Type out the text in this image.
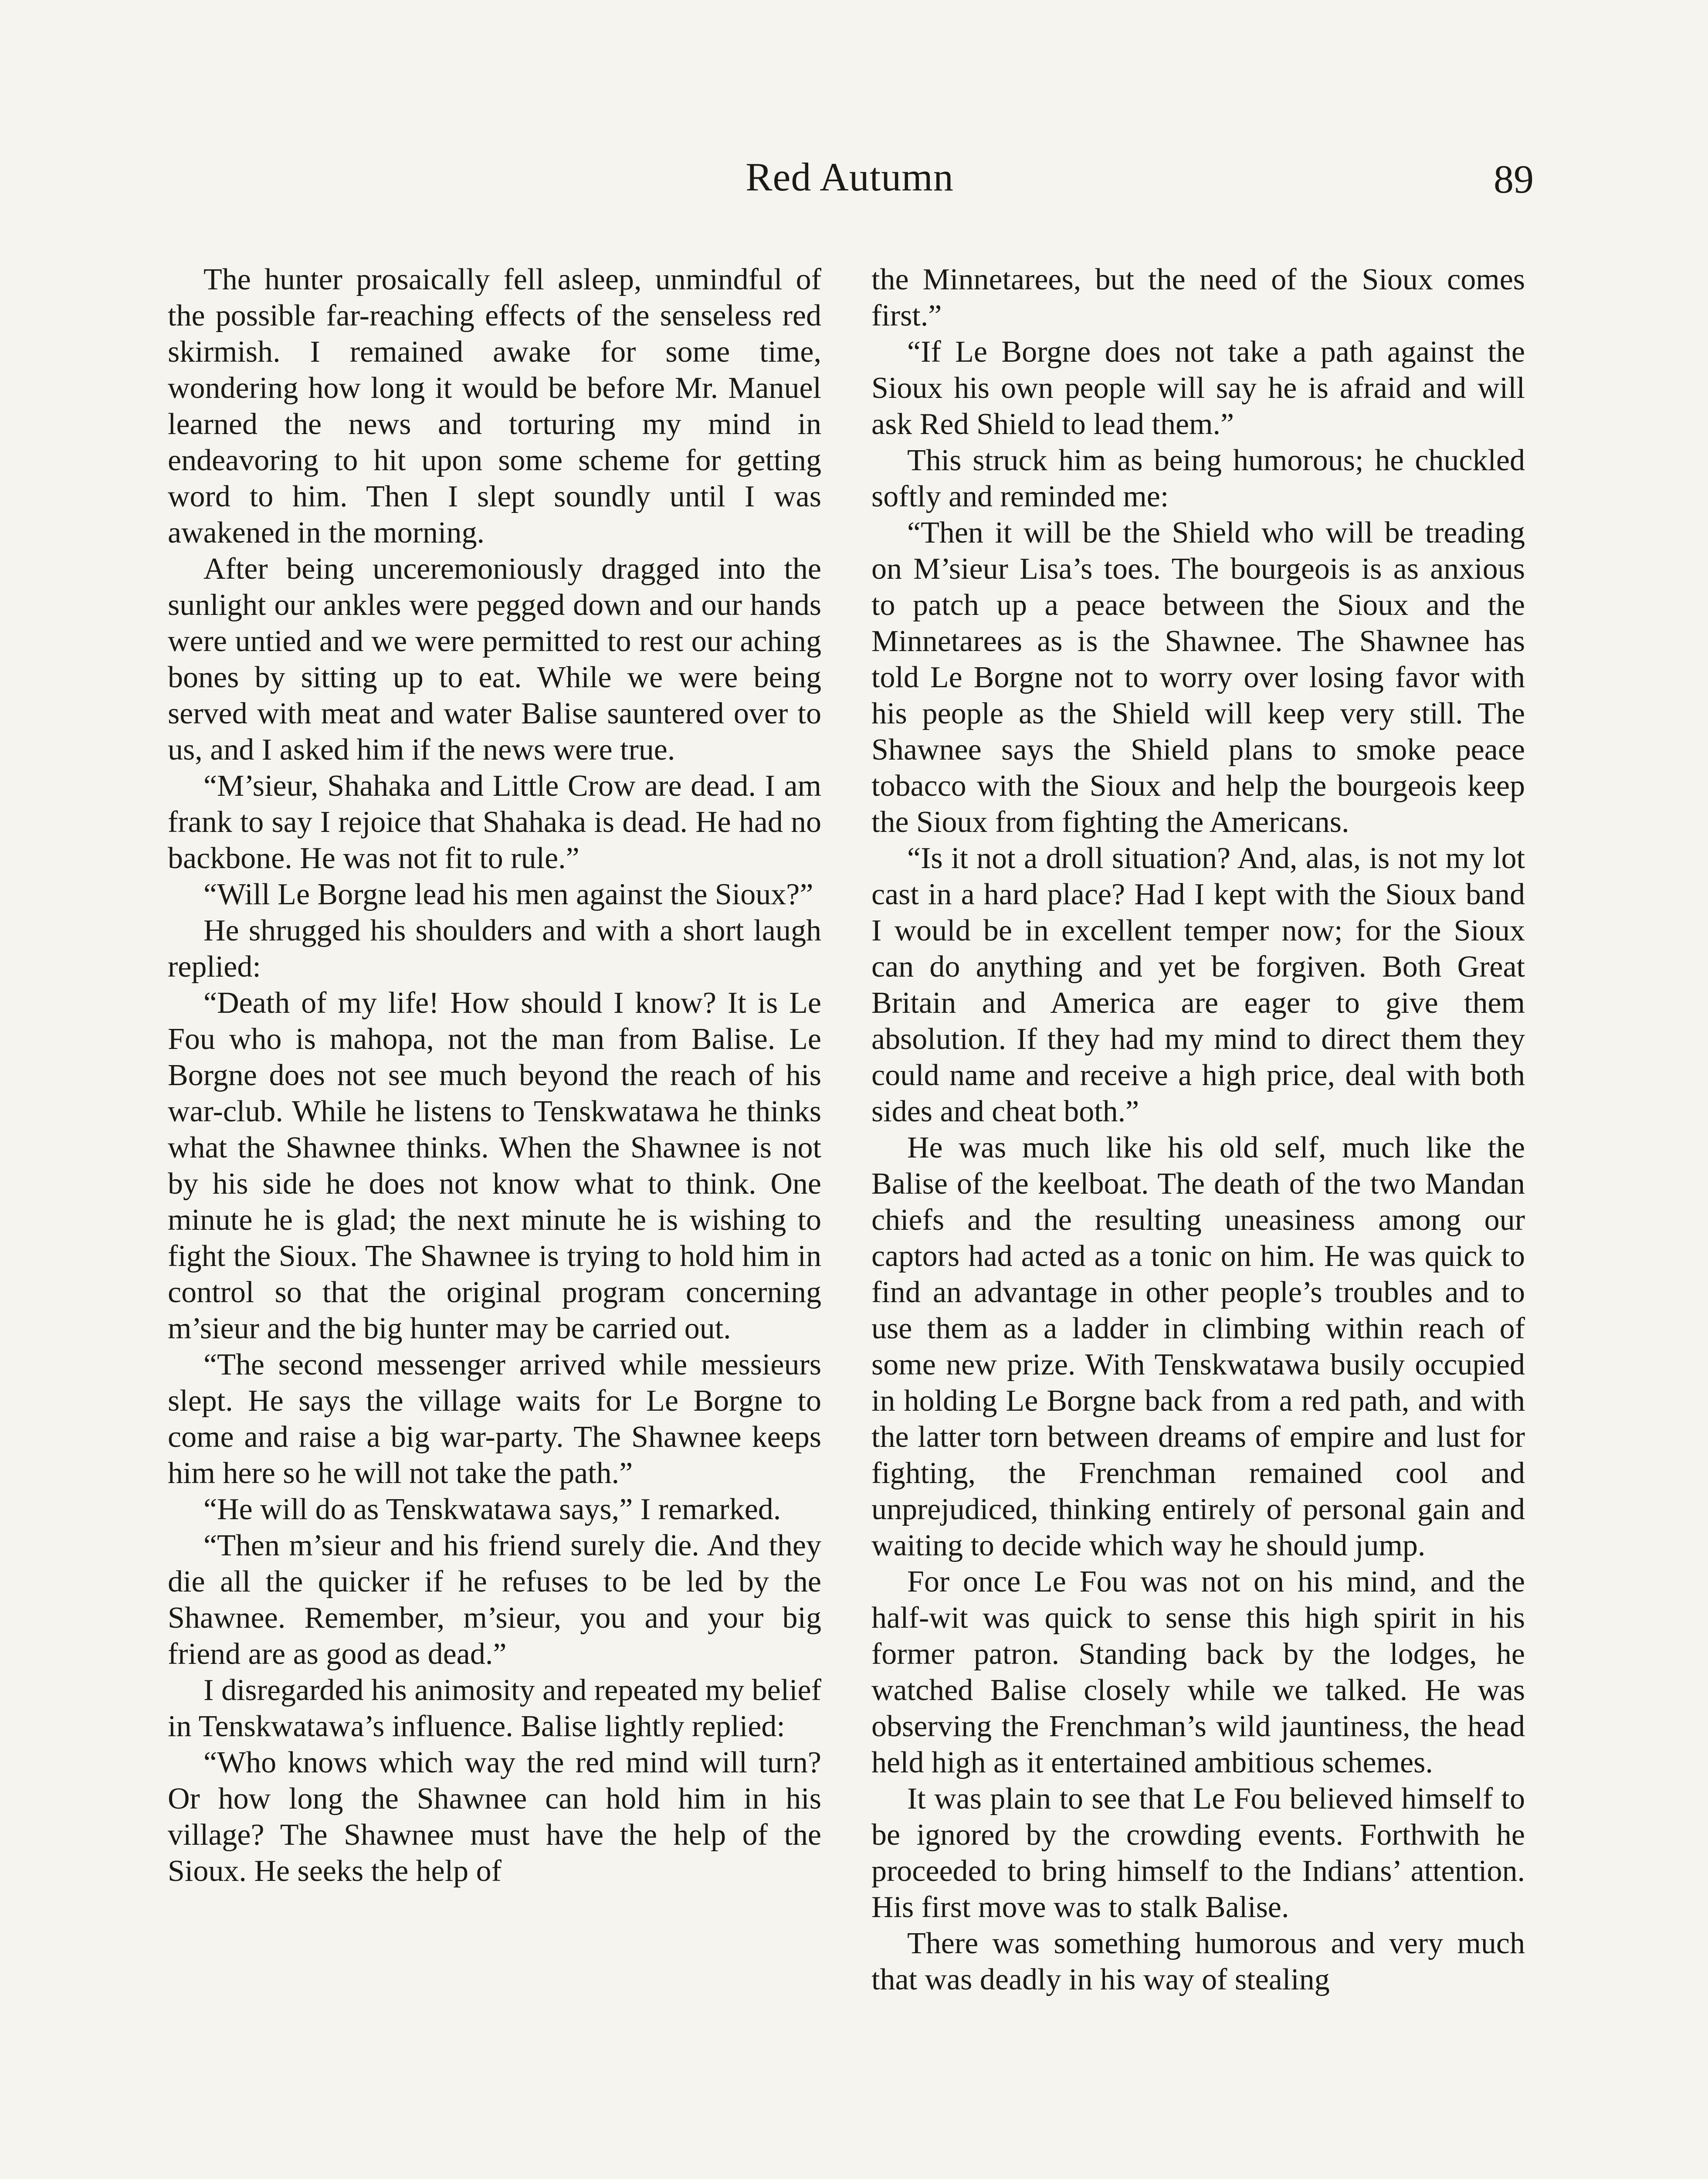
Red Autumn	89

The hunter prosaically fell asleep, unmindful of the possible far-reaching effects of the senseless red skirmish. I remained awake for some time, wondering how long it would be before Mr. Manuel learned the news and torturing my mind in endeavoring to hit upon some scheme for getting word to him. Then I slept soundly until I was awakened in the morning.

After being unceremoniously dragged into the sunlight our ankles were pegged down and our hands were untied and we were permitted to rest our aching bones by sitting up to eat. While we were being served with meat and water Balise sauntered over to us, and I asked him if the news were true.

“M’sieur, Shahaka and Little Crow are dead. I am frank to say I rejoice that Shahaka is dead. He had no backbone. He was not fit to rule.”

“Will Le Borgne lead his men against the Sioux?”

He shrugged his shoulders and with a short laugh replied:

“Death of my life! How should I know? It is Le Fou who is mahopa, not the man from Balise. Le Borgne does not see much beyond the reach of his war-club. While he listens to Tenskwatawa he thinks what the Shawnee thinks. When the Shawnee is not by his side he does not know what to think. One minute he is glad; the next minute he is wishing to fight the Sioux. The Shawnee is trying to hold him in control so that the original program concerning m’sieur and the big hunter may be carried out.

“The second messenger arrived while messieurs slept. He says the village waits for Le Borgne to come and raise a big war-party. The Shawnee keeps him here so he will not take the path.”

“He will do as Tenskwatawa says,” I remarked.

“Then m’sieur and his friend surely die. And they die all the quicker if he refuses to be led by the Shawnee. Remember, m’sieur, you and your big friend are as good as dead.”

I disregarded his animosity and repeated my belief in Tenskwatawa’s influence. Balise lightly replied:

“Who knows which way the red mind will turn? Or how long the Shawnee can hold him in his village? The Shawnee must have the help of the Sioux. He seeks the help of

the Minnetarees, but the need of the Sioux comes first.”

“If Le Borgne does not take a path against the Sioux his own people will say he is afraid and will ask Red Shield to lead them.”

This struck him as being humorous; he chuckled softly and reminded me:

“Then it will be the Shield who will be treading on M’sieur Lisa’s toes. The bourgeois is as anxious to patch up a peace between the Sioux and the Minnetarees as is the Shawnee. The Shawnee has told Le Borgne not to worry over losing favor with his people as the Shield will keep very still. The Shawnee says the Shield plans to smoke peace tobacco with the Sioux and help the bourgeois keep the Sioux from fighting the Americans.

“Is it not a droll situation? And, alas, is not my lot cast in a hard place? Had I kept with the Sioux band I would be in excellent temper now; for the Sioux can do anything and yet be forgiven. Both Great Britain and America are eager to give them absolution. If they had my mind to direct them they could name and receive a high price, deal with both sides and cheat both.”

He was much like his old self, much like the Balise of the keelboat. The death of the two Mandan chiefs and the resulting uneasiness among our captors had acted as a tonic on him. He was quick to find an advantage in other people’s troubles and to use them as a ladder in climbing within reach of some new prize. With Tenskwatawa busily occupied in holding Le Borgne back from a red path, and with the latter torn between dreams of empire and lust for fighting, the Frenchman remained cool and unprejudiced, thinking entirely of personal gain and waiting to decide which way he should jump.

For once Le Fou was not on his mind, and the half-wit was quick to sense this high spirit in his former patron. Standing back by the lodges, he watched Balise closely while we talked. He was observing the Frenchman’s wild jauntiness, the head held high as it entertained ambitious schemes.

It was plain to see that Le Fou believed himself to be ignored by the crowding events. Forthwith he proceeded to bring himself to the Indians’ attention. His first move was to stalk Balise.

There was something humorous and very much that was deadly in his way of stealing
